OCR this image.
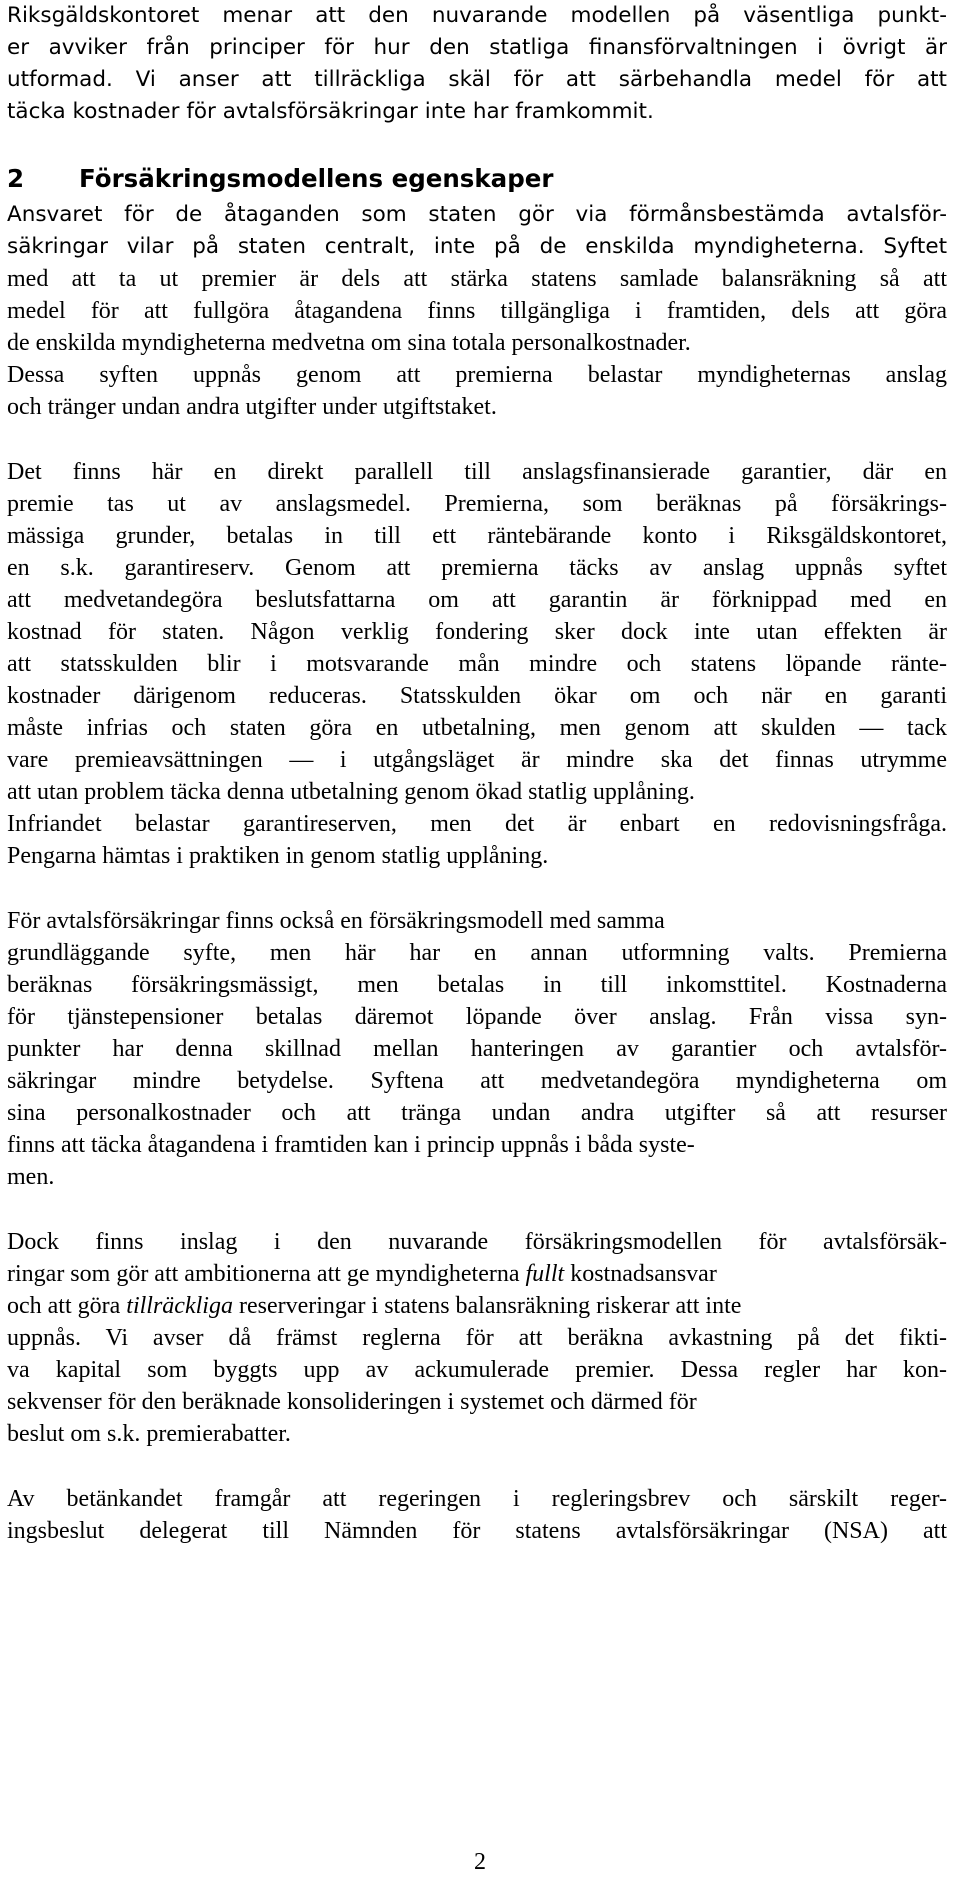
Riksgäldskontoret menar att den nuvarande modellen på väsentliga punkt-
er avviker från principer för hur den statliga finansförvaltningen i övrigt är
utformad. Vi anser att tillräckliga skäl för att särbehandla medel för att
täcka kostnader för avtalsförsäkringar inte har framkommit.
2 Försäkringsmodellens egenskaper
Ansvaret för de åtaganden som staten gör via förmånsbestämda avtalsför-
säkringar vilar på staten centralt, inte på de enskilda myndigheterna. Syftet
med att ta ut premier är dels att stärka statens samlade balansräkning så att
medel för att fullgöra åtagandena finns tillgängliga i framtiden, dels att göra
de enskilda myndigheterna medvetna om sina totala personalkostnader.
Dessa syften uppnås genom att premierna belastar myndigheternas anslag
och tränger undan andra utgifter under utgiftstaket.
Det finns här en direkt parallell till anslagsfinansierade garantier, där en
premie tas ut av anslagsmedel. Premierna, som beräknas på försäkrings-
mässiga grunder, betalas in till ett räntebärande konto i Riksgäldskontoret,
en s.k. garantireserv. Genom att premierna täcks av anslag uppnås syftet
att medvetandegöra beslutsfattarna om att garantin är förknippad med en
kostnad för staten. Någon verklig fondering sker dock inte utan effekten är
att statsskulden blir i motsvarande mån mindre och statens löpande ränte-
kostnader därigenom reduceras. Statsskulden ökar om och när en garanti
måste infrias och staten göra en utbetalning, men genom att skulden — tack
vare premieavsättningen — i utgångsläget är mindre ska det finnas utrymme
att utan problem täcka denna utbetalning genom ökad statlig upplåning.
Infriandet belastar garantireserven, men det är enbart en redovisningsfråga.
Pengarna hämtas i praktiken in genom statlig upplåning.
För avtalsförsäkringar finns också en försäkringsmodell med samma
grundläggande syfte, men här har en annan utformning valts. Premierna
beräknas försäkringsmässigt, men betalas in till inkomsttitel. Kostnaderna
för tjänstepensioner betalas däremot löpande över anslag. Från vissa syn-
punkter har denna skillnad mellan hanteringen av garantier och avtalsför-
säkringar mindre betydelse. Syftena att medvetandegöra myndigheterna om
sina personalkostnader och att tränga undan andra utgifter så att resurser
finns att täcka åtagandena i framtiden kan i princip uppnås i båda syste-
men.
Dock finns inslag i den nuvarande försäkringsmodellen för avtalsförsäk-
ringar som gör att ambitionerna att ge myndigheterna fullt kostnadsansvar
och att göra tillräckliga reserveringar i statens balansräkning riskerar att inte
uppnås. Vi avser då främst reglerna för att beräkna avkastning på det fikti-
va kapital som byggts upp av ackumulerade premier. Dessa regler har kon-
sekvenser för den beräknade konsolideringen i systemet och därmed för
beslut om s.k. premierabatter.
Av betänkandet framgår att regeringen i regleringsbrev och särskilt reger-
ingsbeslut delegerat till Nämnden för statens avtalsförsäkringar (NSA) att
2
